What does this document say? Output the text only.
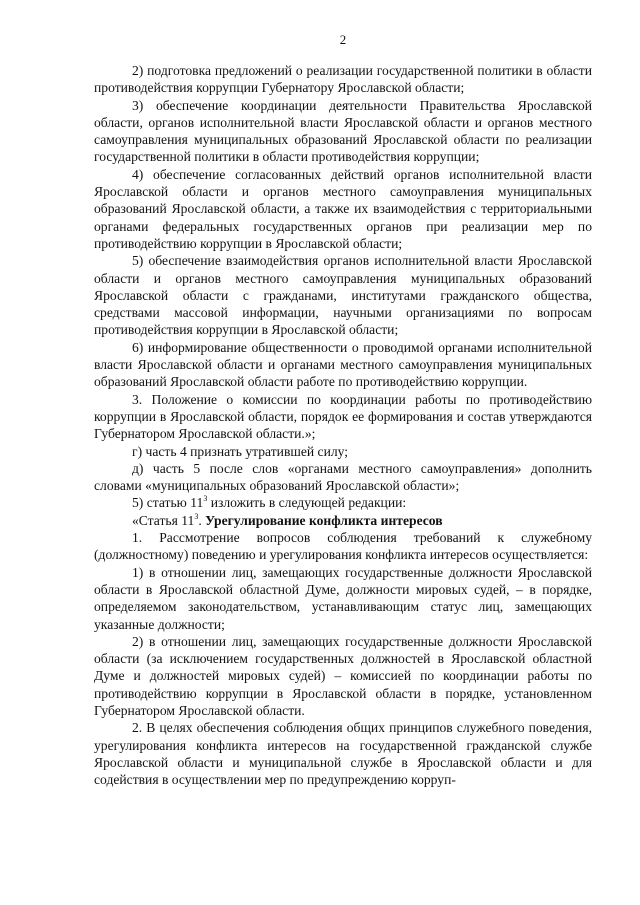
2

2) подготовка предложений о реализации государственной политики в области противодействия коррупции Губернатору Ярославской области;

3) обеспечение координации деятельности Правительства Ярославской области, органов исполнительной власти Ярославской области и органов местного самоуправления муниципальных образований Ярославской области по реализации государственной политики в области противодействия коррупции;

4) обеспечение согласованных действий органов исполнительной власти Ярославской области и органов местного самоуправления муниципальных образований Ярославской области, а также их взаимодействия с территориальными органами федеральных государственных органов при реализации мер по противодействию коррупции в Ярославской области;

5) обеспечение взаимодействия органов исполнительной власти Ярославской области и органов местного самоуправления муниципальных образований Ярославской области с гражданами, институтами гражданского общества, средствами массовой информации, научными организациями по вопросам противодействия коррупции в Ярославской области;

6) информирование общественности о проводимой органами исполнительной власти Ярославской области и органами местного самоуправления муниципальных образований Ярославской области работе по противодействию коррупции.

3. Положение о комиссии по координации работы по противодействию коррупции в Ярославской области, порядок ее формирования и состав утверждаются Губернатором Ярославской области.»;

г) часть 4 признать утратившей силу;

д) часть 5 после слов «органами местного самоуправления» дополнить словами «муниципальных образований Ярославской области»;

5) статью $11^3$ изложить в следующей редакции:

«Статья $11^3$. Урегулирование конфликта интересов

1. Рассмотрение вопросов соблюдения требований к служебному (должностному) поведению и урегулирования конфликта интересов осуществляется:

1) в отношении лиц, замещающих государственные должности Ярославской области в Ярославской областной Думе, должности мировых судей, – в порядке, определяемом законодательством, устанавливающим статус лиц, замещающих указанные должности;

2) в отношении лиц, замещающих государственные должности Ярославской области (за исключением государственных должностей в Ярославской областной Думе и должностей мировых судей) – комиссией по координации работы по противодействию коррупции в Ярославской области в порядке, установленном Губернатором Ярославской области.

2. В целях обеспечения соблюдения общих принципов служебного поведения, урегулирования конфликта интересов на государственной гражданской службе Ярославской области и муниципальной службе в Ярославской области и для содействия в осуществлении мер по предупреждению корруп-
